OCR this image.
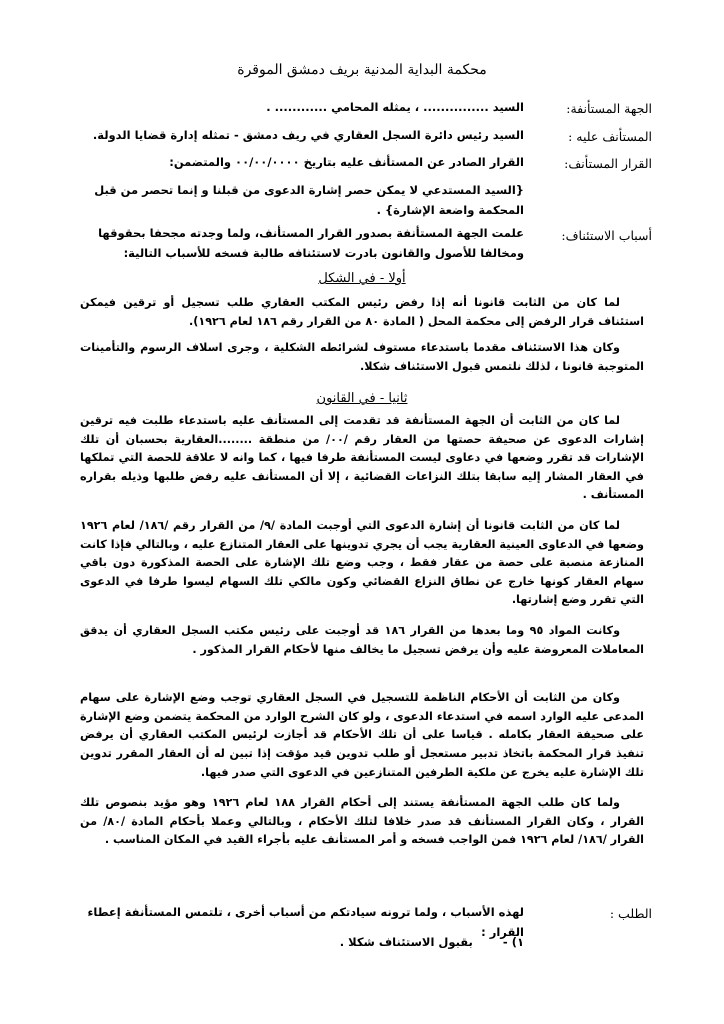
محكمة البداية المدنية بريف دمشق الموقرة
الجهة المستأنفة:
السيد ............... ، يمثله المحامي ............ .
المستأنف عليه :
السيد رئيس دائرة السجل العقاري في ريف دمشق - تمثله إدارة قضايا الدولة.
القرار المستأنف:
القرار الصادر عن المستأنف عليه بتاريخ ٠٠/٠٠/٠٠٠٠ والمتضمن:
{السيد المستدعي لا يمكن حصر إشارة الدعوى من قبلنا و إنما تحصر من قبل المحكمة واضعة الإشارة} .
أسباب الاستئناف:
علمت الجهة المستأنفة بصدور القرار المستأنف، ولما وجدته مجحفا بحقوقها ومخالفا للأصول والقانون بادرت لاستئنافه طالبة فسخه للأسباب التالية:
أولا - في الشكل

لما كان من الثابت قانونا أنه إذا رفض رئيس المكتب العقاري طلب تسجيل أو ترقين فيمكن استئناف قرار الرفض إلى محكمة المحل ( المادة ٨٠ من القرار رقم ١٨٦ لعام ١٩٢٦).

وكان هذا الاستئناف مقدما باستدعاء مستوف لشرائطه الشكلية ، وجرى اسلاف الرسوم والتأمينات المتوجبة قانونا ، لذلك نلتمس قبول الاستئناف شكلا.

ثانيا - في القانون

لما كان من الثابت أن الجهة المستأنفة قد تقدمت إلى المستأنف عليه باستدعاء طلبت فيه ترقين إشارات الدعوى عن صحيفة حصتها من العقار رقم /٠٠/ من منطقة ........العقارية بحسبان أن تلك الإشارات قد تقرر وضعها في دعاوى ليست المستأنفة طرفا فيها ، كما وانه لا علاقة للحصة التي تملكها في العقار المشار إليه سابقا بتلك النزاعات القضائية ، إلا أن المستأنف عليه رفض طلبها وذيله بقراره المستأنف .

لما كان من الثابت قانونا أن إشارة الدعوى التي أوجبت المادة /٩/ من القرار رقم /١٨٦/ لعام ١٩٢٦ وضعها في الدعاوى العينية العقارية يجب أن يجري تدوينها على العقار المتنازع عليه ، وبالتالي فإذا كانت المنازعة منصبة على حصة من عقار فقط ، وجب وضع تلك الإشارة على الحصة المذكورة دون باقي سهام العقار كونها خارج عن نطاق النزاع القضائي وكون مالكي تلك السهام ليسوا طرفا في الدعوى التي تقرر وضع إشارتها.

وكانت المواد ٩٥ وما بعدها من القرار ١٨٦ قد أوجبت على رئيس مكتب السجل العقاري أن يدقق المعاملات المعروضة عليه وأن يرفض تسجيل ما يخالف منها لأحكام القرار المذكور .

وكان من الثابت أن الأحكام الناظمة للتسجيل في السجل العقاري توجب وضع الإشارة على سهام المدعى عليه الوارد اسمه في استدعاء الدعوى ، ولو كان الشرح الوارد من المحكمة يتضمن وضع الإشارة على صحيفة العقار بكامله . قياسا على أن تلك الأحكام قد أجازت لرئيس المكتب العقاري أن يرفض تنفيذ قرار المحكمة باتخاذ تدبير مستعجل أو طلب تدوين قيد مؤقت إذا تبين له أن العقار المقرر تدوين تلك الإشارة عليه يخرج عن ملكية الطرفين المتنازعين في الدعوى التي صدر فيها.

ولما كان طلب الجهة المستأنفة يستند إلى أحكام القرار ١٨٨ لعام ١٩٢٦ وهو مؤيد بنصوص تلك القرار ، وكان القرار المستأنف قد صدر خلافا لتلك الأحكام ، وبالتالي وعملا بأحكام المادة /٨٠/ من القرار /١٨٦/ لعام ١٩٢٦ فمن الواجب فسخه و أمر المستأنف عليه بأجراء القيد في المكان المناسب .

الطلب :
لهذه الأسباب ، ولما ترونه سيادتكم من أسباب أخرى ، تلتمس المستأنفة إعطاء القرار :
١) -  بقبول الاستئناف شكلا .
